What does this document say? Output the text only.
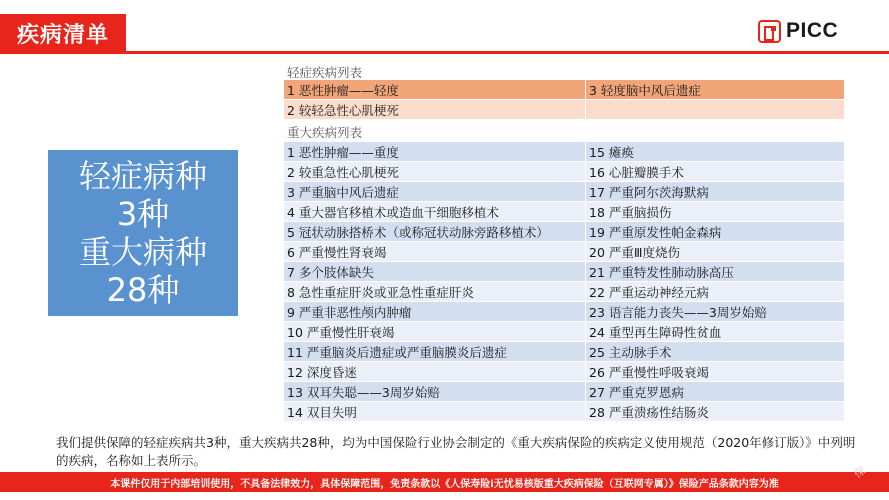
疾病清单	PICC
轻症病种
3种
重大病种
28种
轻症疾病列表
1 恶性肿瘤——轻度	3 轻度脑中风后遗症
2 较轻急性心肌梗死	
重大疾病列表
1 恶性肿瘤——重度	15 瘫痪
2 较重急性心肌梗死	16 心脏瓣膜手术
3 严重脑中风后遗症	17 严重阿尔茨海默病
4 重大器官移植术或造血干细胞移植术	18 严重脑损伤
5 冠状动脉搭桥术（或称冠状动脉旁路移植术）	19 严重原发性帕金森病
6 严重慢性肾衰竭	20 严重Ⅲ度烧伤
7 多个肢体缺失	21 严重特发性肺动脉高压
8 急性重症肝炎或亚急性重症肝炎	22 严重运动神经元病
9 严重非恶性颅内肿瘤	23 语言能力丧失——3周岁始赔
10 严重慢性肝衰竭	24 重型再生障碍性贫血
11 严重脑炎后遗症或严重脑膜炎后遗症	25 主动脉手术
12 深度昏迷	26 严重慢性呼吸衰竭
13 双耳失聪——3周岁始赔	27 严重克罗恩病
14 双目失明	28 严重溃疡性结肠炎
我们提供保障的轻症疾病共3种，重大疾病共28种，均为中国保险行业协会制定的《重大疾病保险的疾病定义使用规范（2020年修订版）》中列明的疾病，名称如上表所示。
本课件仅用于内部培训使用，不具备法律效力，具体保障范围，免责条款以《人保寿险i无忧易核版重大疾病保险（互联网专属）》保险产品条款内容为准
保
